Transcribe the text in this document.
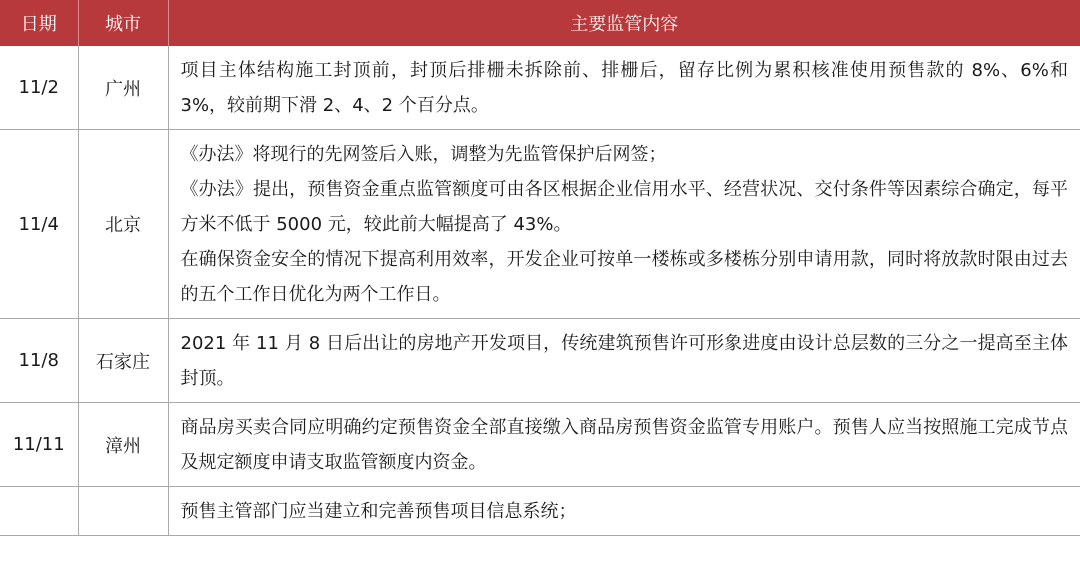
日期	城市	主要监管内容
11/2	广州	项目主体结构施工封顶前，封顶后排栅未拆除前、排栅后，留存比例为累积核准使用预售款的 8%、6%和 3%，较前期下滑 2、4、2 个百分点。

11/4	北京	《办法》将现行的先网签后入账，调整为先监管保护后网签；

《办法》提出，预售资金重点监管额度可由各区根据企业信用水平、经营状况、交付条件等因素综合确定，每平方米不低于 5000 元，较此前大幅提高了 43%。

在确保资金安全的情况下提高利用效率，开发企业可按单一楼栋或多楼栋分别申请用款，同时将放款时限由过去的五个工作日优化为两个工作日。

11/8	石家庄	2021 年 11 月 8 日后出让的房地产开发项目，传统建筑预售许可形象进度由设计总层数的三分之一提高至主体封顶。

11/11	漳州	商品房买卖合同应明确约定预售资金全部直接缴入商品房预售资金监管专用账户。预售人应当按照施工完成节点及规定额度申请支取监管额度内资金。

		预售主管部门应当建立和完善预售项目信息系统；
